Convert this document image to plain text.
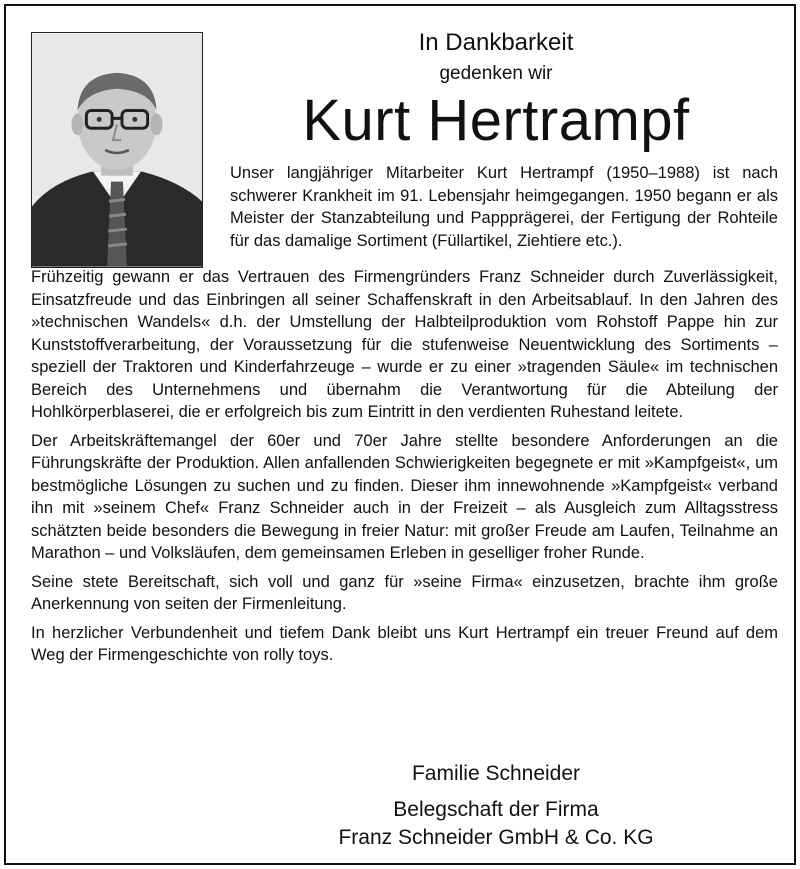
In Dankbarkeit
gedenken wir
Kurt Hertrampf

Unser langjähriger Mitarbeiter Kurt Hertrampf (1950–1988) ist nach schwerer Krankheit im 91. Lebensjahr heimgegangen. 1950 begann er als Meister der Stanzabteilung und Pappprägerei, der Fertigung der Rohteile für das damalige Sortiment (Füllartikel, Ziehtiere etc.).

Frühzeitig gewann er das Vertrauen des Firmengründers Franz Schneider durch Zuverlässigkeit, Einsatzfreude und das Einbringen all seiner Schaffenskraft in den Arbeitsablauf. In den Jahren des »technischen Wandels« d.h. der Umstellung der Halbteilproduktion vom Rohstoff Pappe hin zur Kunststoffverarbeitung, der Voraussetzung für die stufenweise Neuentwicklung des Sortiments – speziell der Traktoren und Kinderfahrzeuge – wurde er zu einer »tragenden Säule« im technischen Bereich des Unternehmens und übernahm die Verantwortung für die Abteilung der Hohlkörperblaserei, die er erfolgreich bis zum Eintritt in den verdienten Ruhestand leitete.

Der Arbeitskräftemangel der 60er und 70er Jahre stellte besondere Anforderungen an die Führungskräfte der Produktion. Allen anfallenden Schwierigkeiten begegnete er mit »Kampfgeist«, um bestmögliche Lösungen zu suchen und zu finden. Dieser ihm innewohnende »Kampfgeist« verband ihn mit »seinem Chef« Franz Schneider auch in der Freizeit – als Ausgleich zum Alltagsstress schätzten beide besonders die Bewegung in freier Natur: mit großer Freude am Laufen, Teilnahme an Marathon – und Volksläufen, dem gemeinsamen Erleben in geselliger froher Runde.

Seine stete Bereitschaft, sich voll und ganz für »seine Firma« einzusetzen, brachte ihm große Anerkennung von seiten der Firmenleitung.

In herzlicher Verbundenheit und tiefem Dank bleibt uns Kurt Hertrampf ein treuer Freund auf dem Weg der Firmengeschichte von rolly toys.

Familie Schneider
Belegschaft der Firma
Franz Schneider GmbH & Co. KG
